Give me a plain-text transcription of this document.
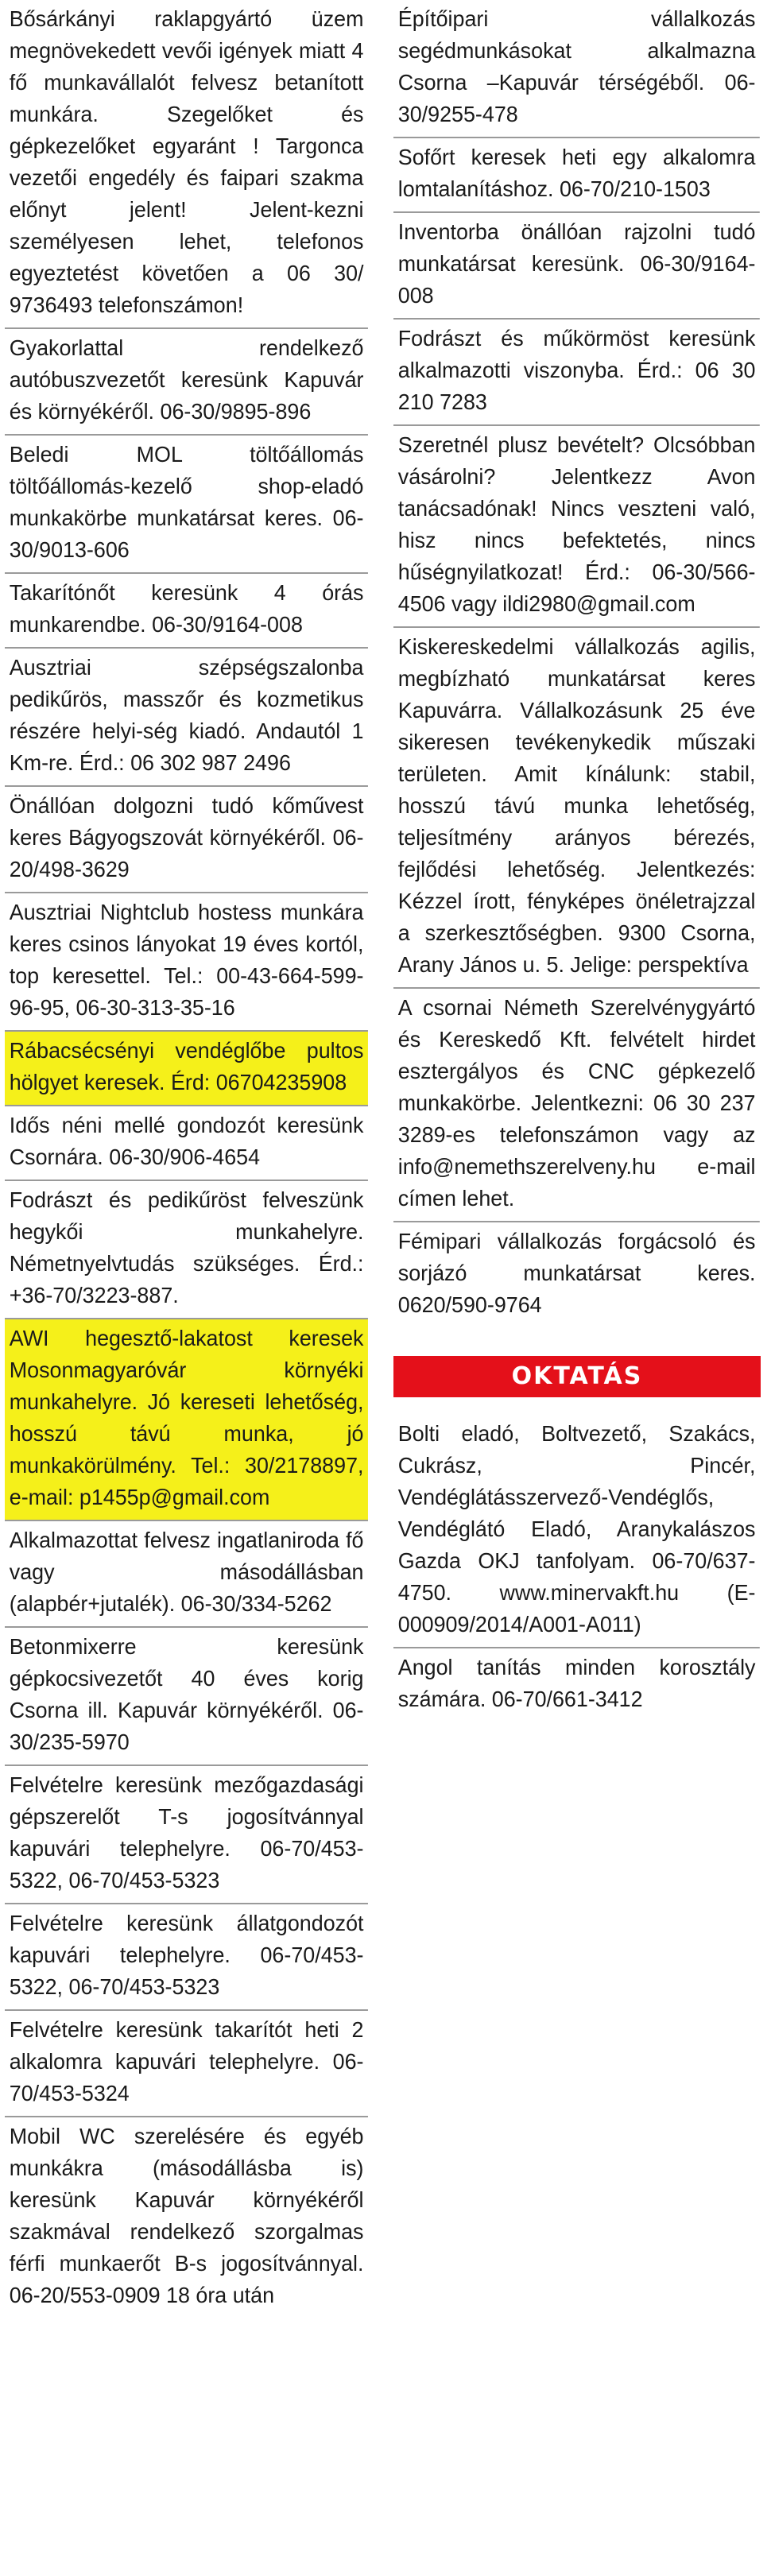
Bősárkányi raklapgyártó üzem megnövekedett vevői igények miatt 4 fő munkavállalót felvesz betanított munkára. Szegelőket és gépkezelőket egyaránt ! Targonca vezetői engedély és faipari szakma előnyt jelent! Jelent-kezni személyesen lehet, telefonos egyeztetést követően a 06 30/ 9736493 telefonszámon!
Gyakorlattal rendelkező autóbuszvezetőt keresünk Kapuvár és környékéről. 06-30/9895-896
Beledi MOL töltőállomás töltőállomás-kezelő shop-eladó munkakörbe munkatársat keres. 06-30/9013-606
Takarítónőt keresünk 4 órás munkarendbe. 06-30/9164-008
Ausztriai szépségszalonba pedikűrös, masszőr és kozmetikus részére helyi-ség kiadó. Andautól 1 Km-re. Érd.: 06 302 987 2496
Önállóan dolgozni tudó kőművest keres Bágyogszovát környékéről. 06-20/498-3629
Ausztriai Nightclub hostess munkára keres csinos lányokat 19 éves kortól, top keresettel. Tel.: 00-43-664-599-96-95, 06-30-313-35-16
Rábacsécsényi vendéglőbe pultos hölgyet keresek. Érd: 06704235908
Idős néni mellé gondozót keresünk Csornára. 06-30/906-4654
Fodrászt és pedikűröst felveszünk hegykői munkahelyre. Németnyelvtudás szükséges. Érd.: +36-70/3223-887.
AWI hegesztő-lakatost keresek Mosonmagyaróvár környéki munkahelyre. Jó kereseti lehetőség, hosszú távú munka, jó munkakörülmény. Tel.: 30/2178897, e-mail: p1455p@gmail.com
Alkalmazottat felvesz ingatlaniroda fő vagy másodállásban (alapbér+jutalék). 06-30/334-5262
Betonmixerre keresünk gépkocsivezetőt 40 éves korig Csorna ill. Kapuvár környékéről. 06-30/235-5970
Felvételre keresünk mezőgazdasági gépszerelőt T-s jogosítvánnyal kapuvári telephelyre. 06-70/453-5322, 06-70/453-5323
Felvételre keresünk állatgondozót kapuvári telephelyre. 06-70/453-5322, 06-70/453-5323
Felvételre keresünk takarítót heti 2 alkalomra kapuvári telephelyre. 06-70/453-5324
Mobil WC szerelésére és egyéb munkákra (másodállásba is) keresünk Kapuvár környékéről szakmával rendelkező szorgalmas férfi munkaerőt B-s jogosítvánnyal. 06-20/553-0909 18 óra után
Építőipari vállalkozás segédmunkásokat alkalmazna Csorna –Kapuvár térségéből. 06-30/9255-478
Sofőrt keresek heti egy alkalomra lomtalanításhoz. 06-70/210-1503
Inventorba önállóan rajzolni tudó munkatársat keresünk. 06-30/9164-008
Fodrászt és műkörmöst keresünk alkalmazotti viszonyba. Érd.: 06 30 210 7283
Szeretnél plusz bevételt? Olcsóbban vásárolni? Jelentkezz Avon tanácsadónak! Nincs veszteni való, hisz nincs befektetés, nincs hűségnyilatkozat! Érd.: 06-30/566-4506 vagy ildi2980@gmail.com
Kiskereskedelmi vállalkozás agilis, megbízható munkatársat keres Kapuvárra. Vállalkozásunk 25 éve sikeresen tevékenykedik műszaki területen. Amit kínálunk: stabil, hosszú távú munka lehetőség, teljesítmény arányos bérezés, fejlődési lehetőség. Jelentkezés: Kézzel írott, fényképes önéletrajzzal a szerkesztőségben. 9300 Csorna, Arany János u. 5. Jelige: perspektíva
A csornai Németh Szerelvénygyártó és Kereskedő Kft. felvételt hirdet esztergályos és CNC gépkezelő munkakörbe. Jelentkezni: 06 30 237 3289-es telefonszámon vagy az info@nemethszerelveny.hu e-mail címen lehet.
Fémipari vállalkozás forgácsoló és sorjázó munkatársat keres. 0620/590-9764
OKTATÁS
Bolti eladó, Boltvezető, Szakács, Cukrász, Pincér, Vendéglátásszervező-Vendéglős, Vendéglátó Eladó, Aranykalászos Gazda OKJ tanfolyam. 06-70/637-4750. www.minervakft.hu (E-000909/2014/A001-A011)
Angol tanítás minden korosztály számára. 06-70/661-3412
